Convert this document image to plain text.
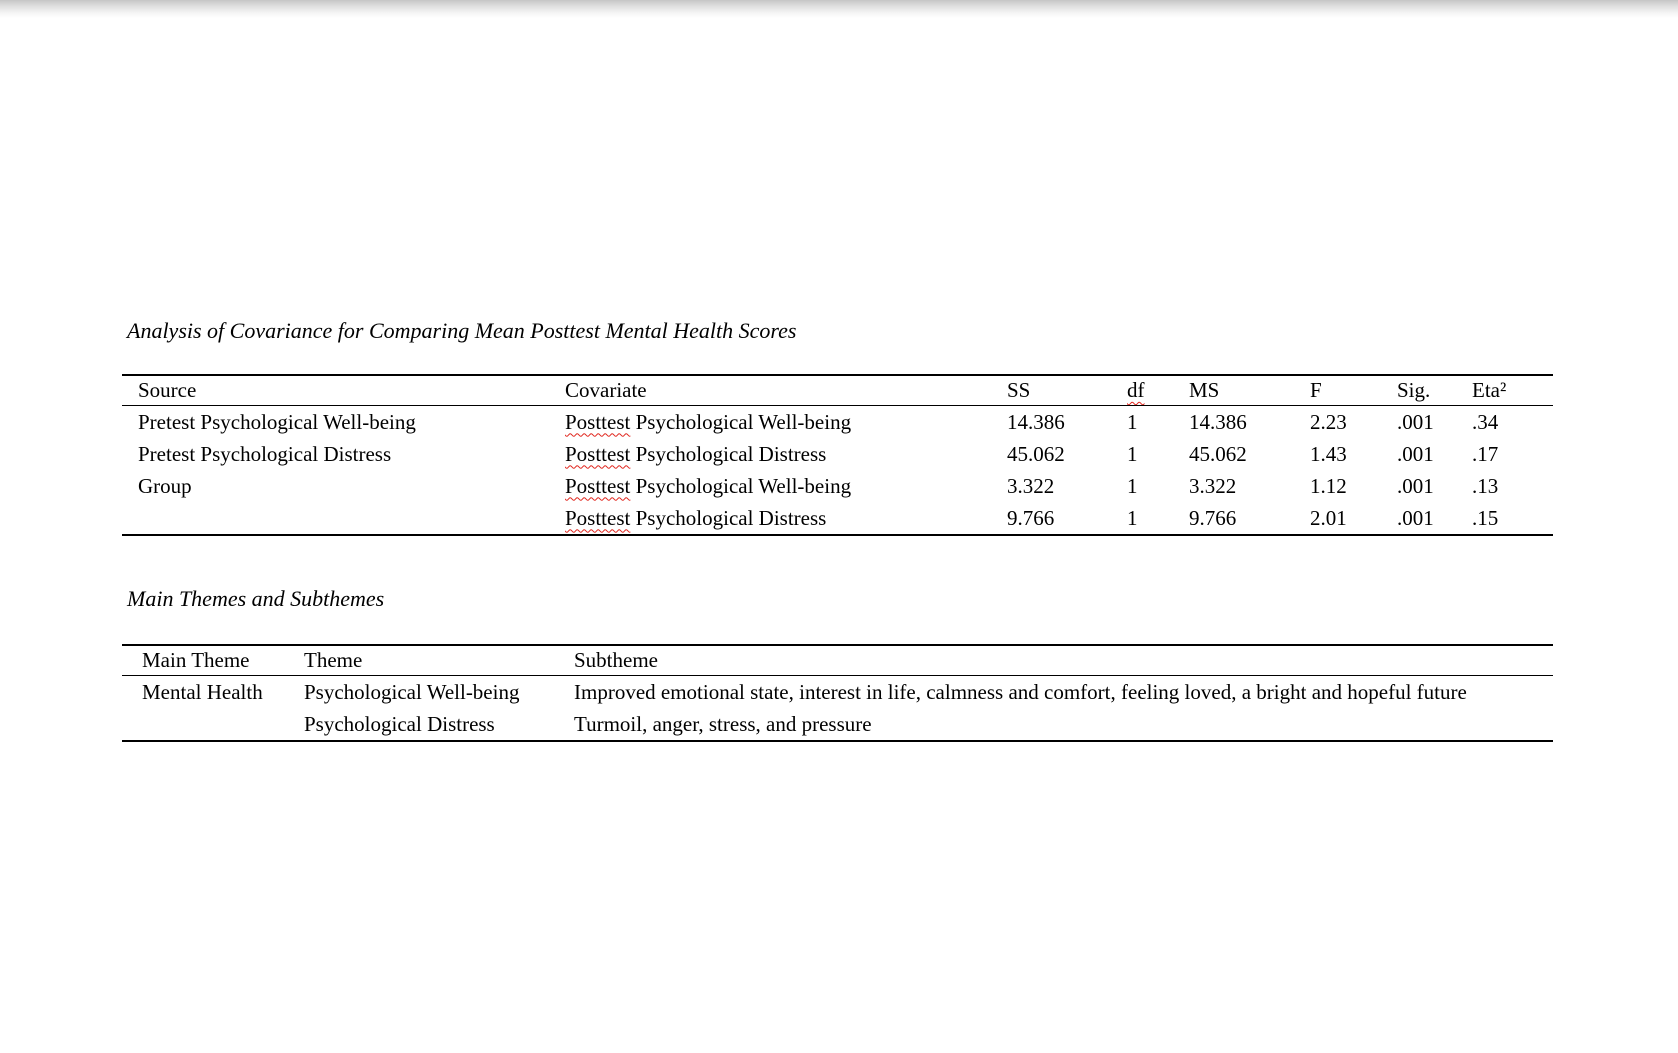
Analysis of Covariance for Comparing Mean Posttest Mental Health Scores
Source	Covariate	SS	df	MS	F	Sig.	Eta²
Pretest Psychological Well-being	Posttest Psychological Well-being	14.386	1	14.386	2.23	.001	.34
Pretest Psychological Distress	Posttest Psychological Distress	45.062	1	45.062	1.43	.001	.17
Group	Posttest Psychological Well-being	3.322	1	3.322	1.12	.001	.13
	Posttest Psychological Distress	9.766	1	9.766	2.01	.001	.15
Main Themes and Subthemes
Main Theme	Theme	Subtheme
Mental Health	Psychological Well-being	Improved emotional state, interest in life, calmness and comfort, feeling loved, a bright and hopeful future
	Psychological Distress	Turmoil, anger, stress, and pressure
